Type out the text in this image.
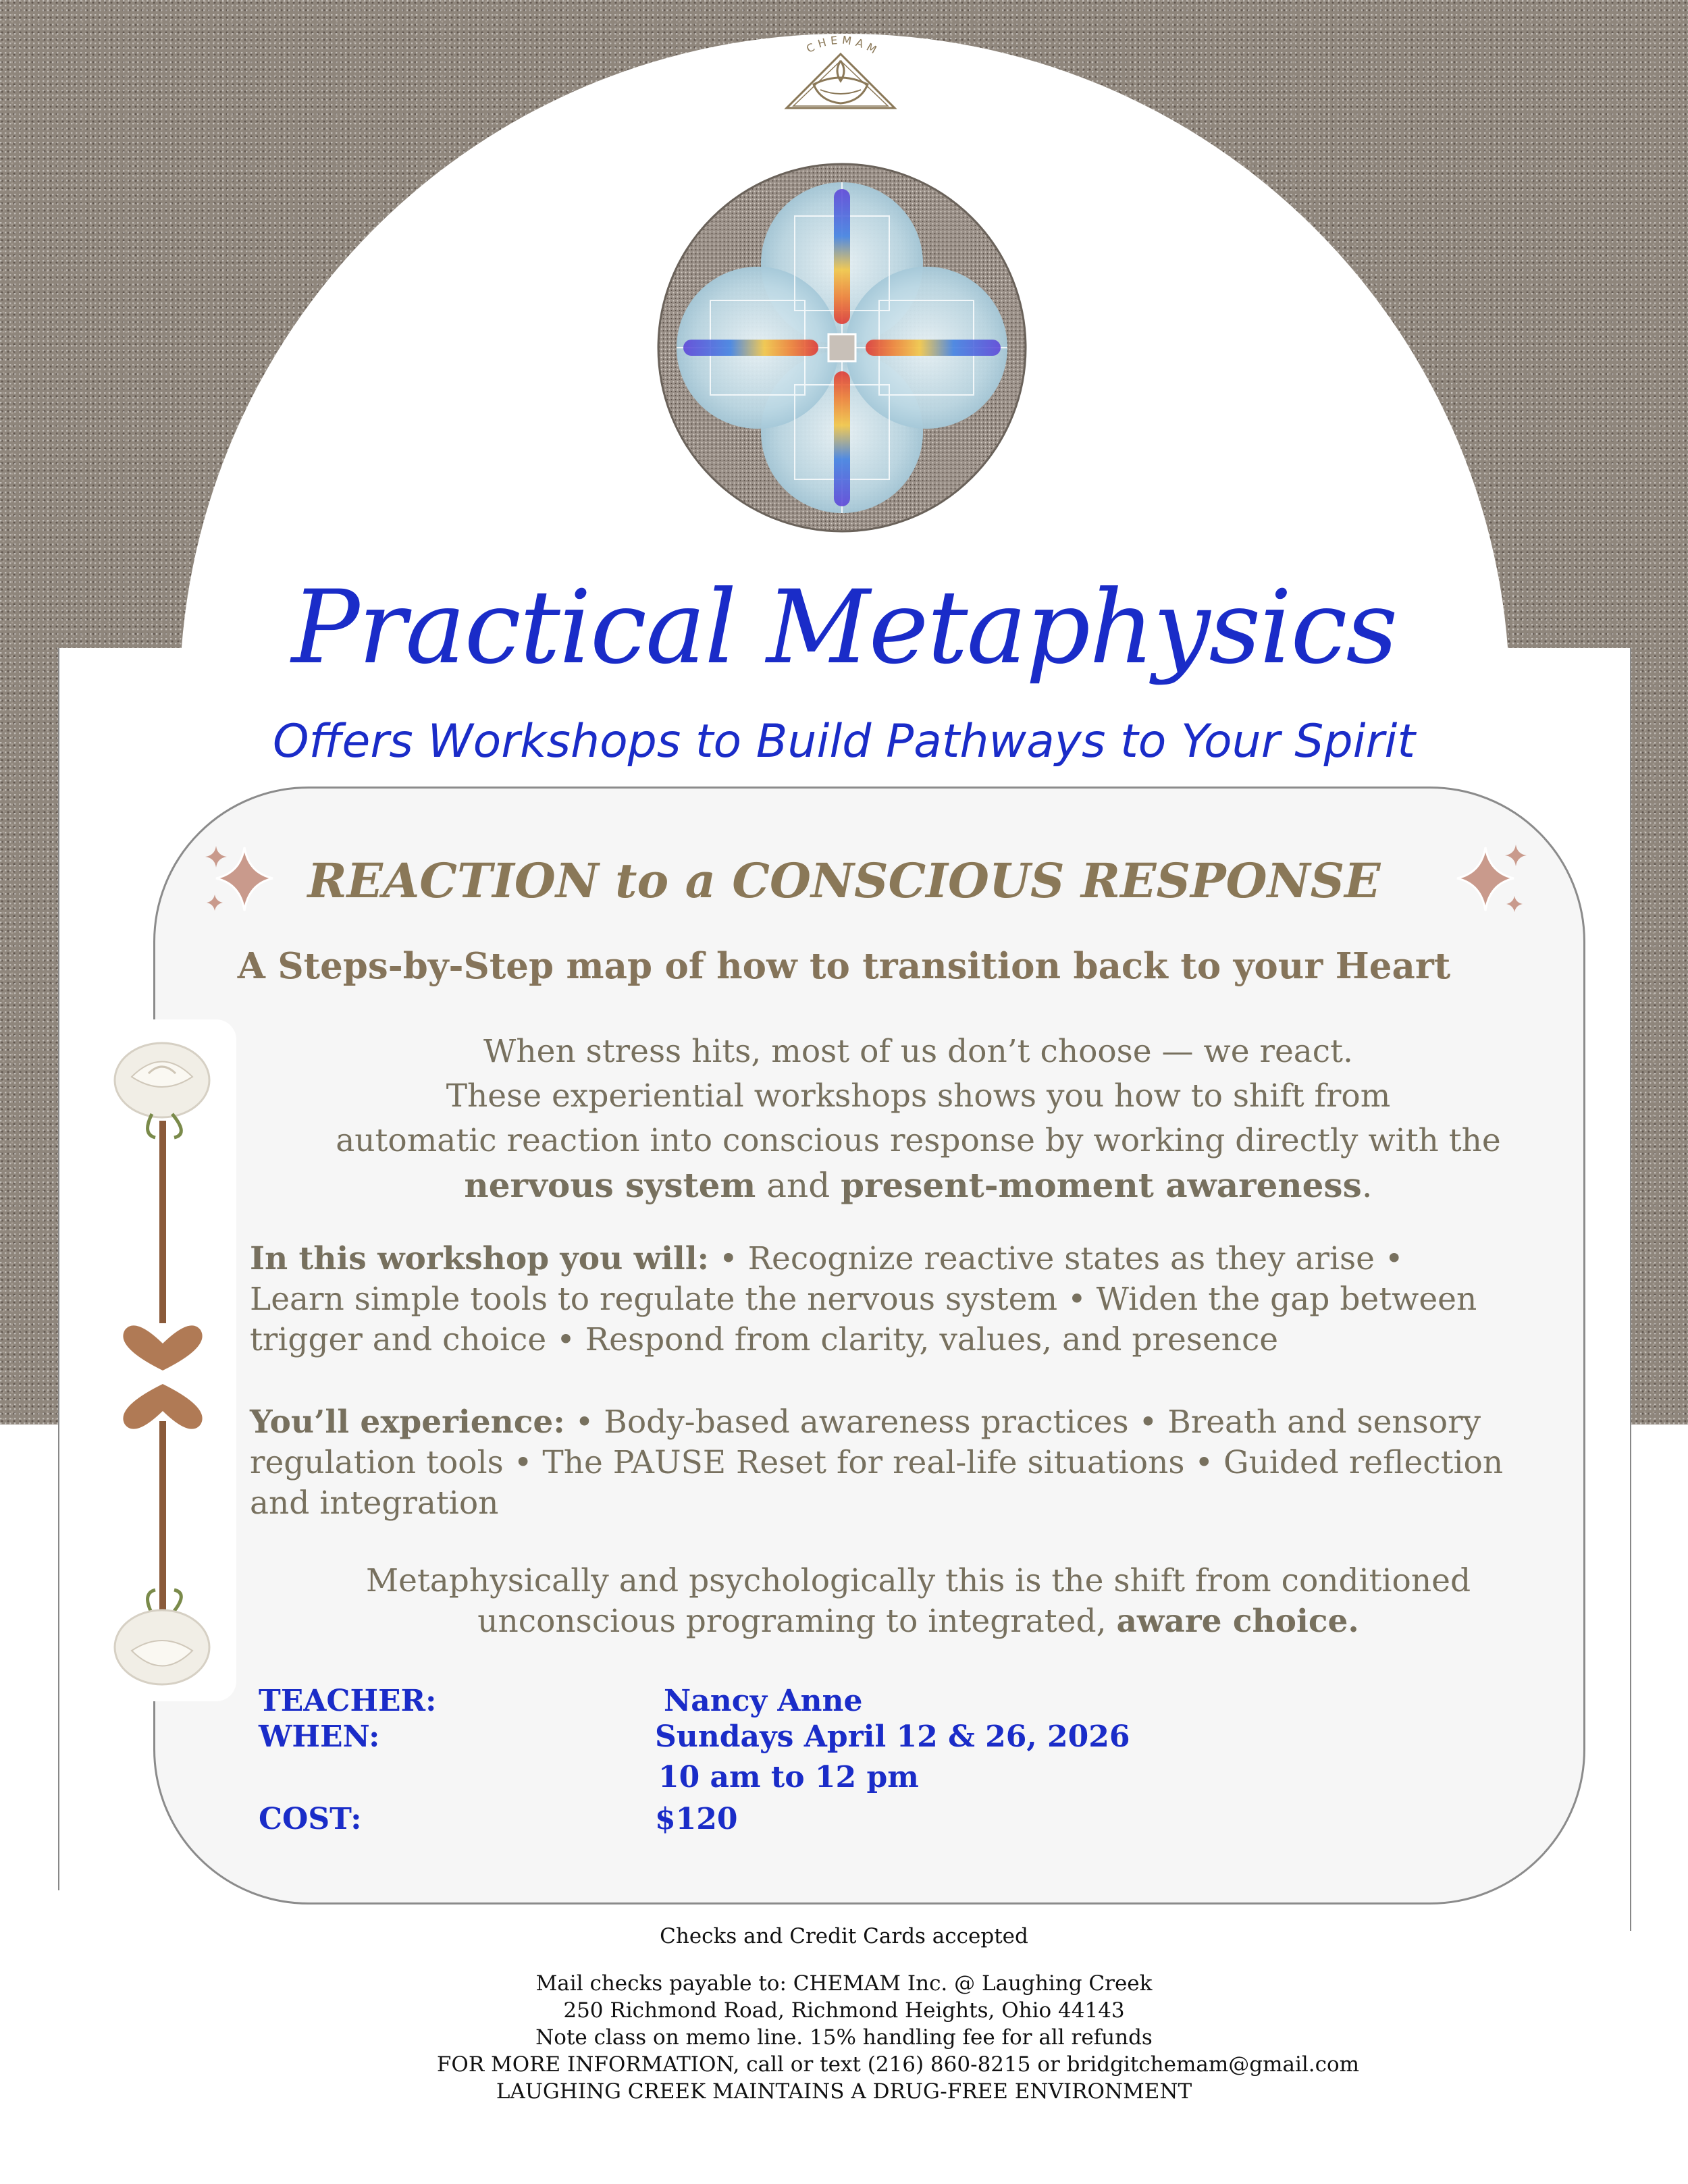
CHEMAM
Practical Metaphysics
Offers Workshops to Build Pathways to Your Spirit
REACTION to a CONSCIOUS RESPONSE
A Steps-by-Step map of how to transition back to your Heart
When stress hits, most of us don’t choose — we react.
These experiential workshops shows you how to shift from
automatic reaction into conscious response by working directly with the
nervous system and present-moment awareness.
In this workshop you will: • Recognize reactive states as they arise •
Learn simple tools to regulate the nervous system • Widen the gap between
trigger and choice • Respond from clarity, values, and presence
You’ll experience: • Body-based awareness practices • Breath and sensory
regulation tools • The PAUSE Reset for real-life situations • Guided reflection
and integration
Metaphysically and psychologically this is the shift from conditioned
unconscious programing to integrated, aware choice.
TEACHER:	Nancy Anne
WHEN:	Sundays April 12 & 26, 2026
10 am to 12 pm
COST:	$120
Checks and Credit Cards accepted
Mail checks payable to: CHEMAM Inc. @ Laughing Creek
250 Richmond Road, Richmond Heights, Ohio 44143
Note class on memo line. 15% handling fee for all refunds
FOR MORE INFORMATION, call or text (216) 860-8215 or bridgitchemam@gmail.com
LAUGHING CREEK MAINTAINS A DRUG-FREE ENVIRONMENT
